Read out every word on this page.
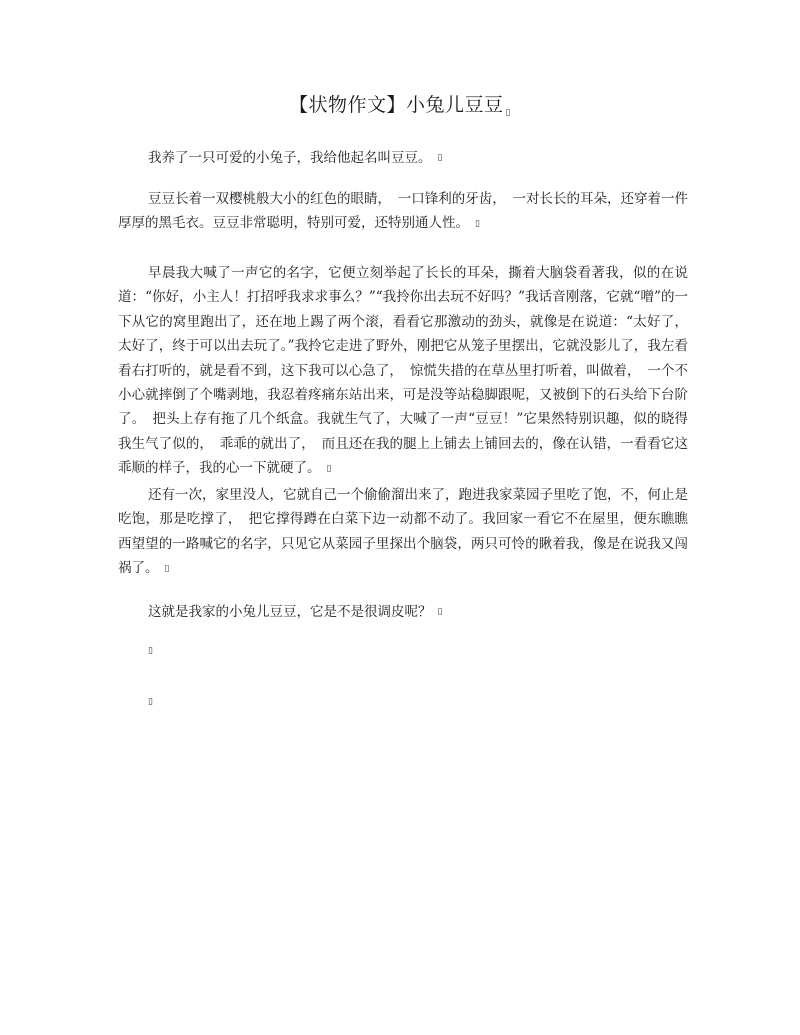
【状物作文】小兔儿豆豆 $_▯$

我养了一只可爱的小兔子，我给他起名叫豆豆。 ▯

豆豆长着一双樱桃般大小的红色的眼睛，　一口锋利的牙齿，　一对长长的耳朵，还穿着一件厚厚的黑毛衣。豆豆非常聪明，特别可爱，还特别通人性。 ▯

早晨我大喊了一声它的名字，它便立刻举起了长长的耳朵，撕着大脑袋看著我，似的在说道：“你好，小主人！打招呼我求求事么？”“我拎你出去玩不好吗？”我话音刚落，它就“噌”的一下从它的窝里跑出了，还在地上踢了两个滚，看看它那激动的劲头，就像是在说道：“太好了，太好了，终于可以出去玩了。”我拎它走进了野外，刚把它从笼子里摆出，它就没影儿了，我左看看右打听的，就是看不到，这下我可以心急了，　惊慌失措的在草丛里打听着，叫做着，　一个不小心就摔倒了个嘴剥地，我忍着疼痛东站出来，可是没等站稳脚跟呢，又被倒下的石头给下台阶了。　把头上存有拖了几个纸盒。我就生气了，大喊了一声“豆豆！”它果然特别识趣，似的晓得我生气了似的，　乖乖的就出了，　而且还在我的腿上上铺去上铺回去的，像在认错，一看看它这乖顺的样子，我的心一下就硬了。 ▯

还有一次，家里没人，它就自己一个偷偷溜出来了，跑进我家菜园子里吃了饱，不，何止是吃饱，那是吃撑了，　把它撑得蹲在白菜下边一动都不动了。我回家一看它不在屋里，便东瞧瞧西望望的一路喊它的名字，只见它从菜园子里探出个脑袋，两只可怜的瞅着我，像是在说我又闯祸了。 ▯

这就是我家的小兔儿豆豆，它是不是很调皮呢？ ▯

▯
▯
